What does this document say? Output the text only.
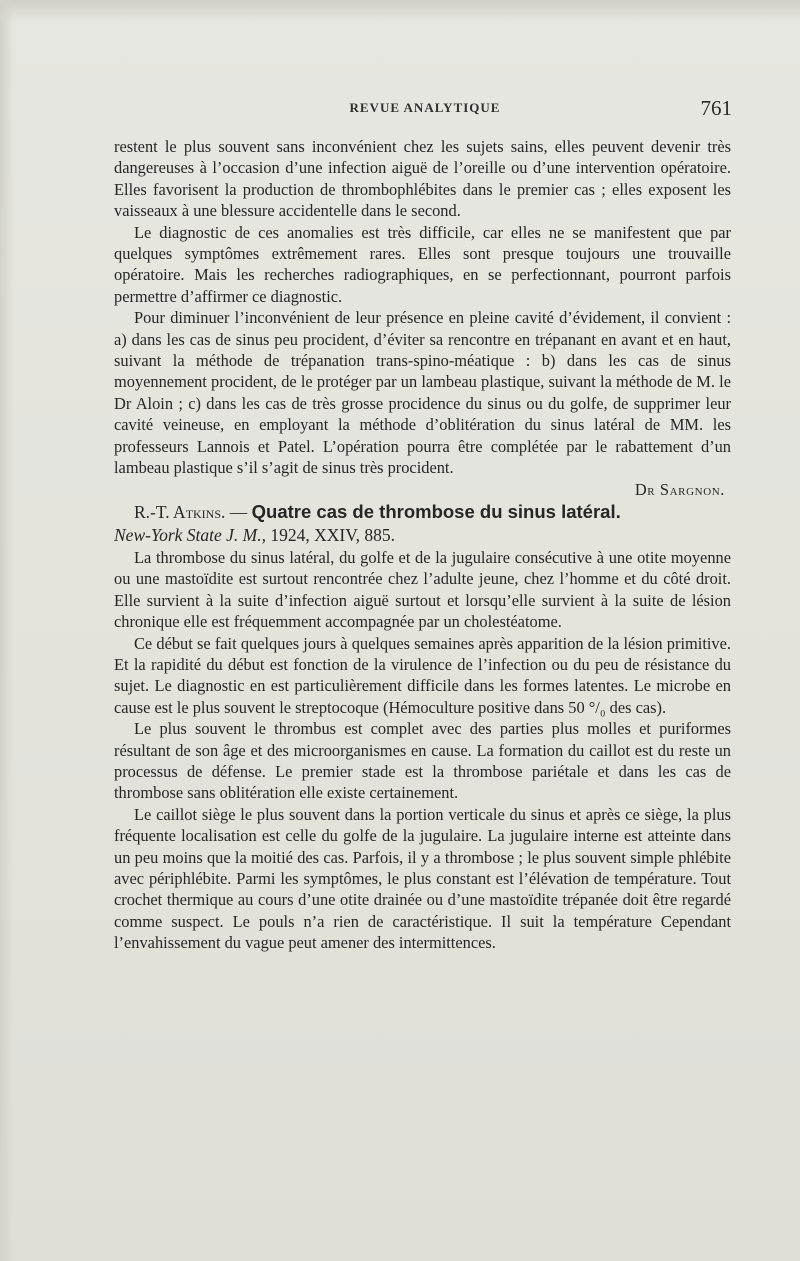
REVUE ANALYTIQUE	761

restent le plus souvent sans inconvénient chez les sujets sains, elles peuvent devenir très dangereuses à l’occasion d’une infection aiguë de l’oreille ou d’une intervention opératoire. Elles favorisent la production de thrombophlébites dans le premier cas ; elles exposent les vaisseaux à une blessure accidentelle dans le second.

Le diagnostic de ces anomalies est très difficile, car elles ne se manifestent que par quelques symptômes extrêmement rares. Elles sont presque toujours une trouvaille opératoire. Mais les recherches radiographiques, en se perfectionnant, pourront parfois permettre d’affirmer ce diagnostic.

Pour diminuer l’inconvénient de leur présence en pleine cavité d’évidement, il convient : a) dans les cas de sinus peu procident, d’éviter sa rencontre en trépanant en avant et en haut, suivant la méthode de trépanation trans-spino-méatique : b) dans les cas de sinus moyennement procident, de le protéger par un lambeau plastique, suivant la méthode de M. le Dr Aloin ; c) dans les cas de très grosse procidence du sinus ou du golfe, de supprimer leur cavité veineuse, en employant la méthode d’oblitération du sinus latéral de MM. les professeurs Lannois et Patel. L’opération pourra être complétée par le rabattement d’un lambeau plastique s’il s’agit de sinus très procident.

Dr Sargnon.

R.-T. Atkins. — Quatre cas de thrombose du sinus latéral.
New-York State J. M., 1924, XXIV, 885.

La thrombose du sinus latéral, du golfe et de la jugulaire consécutive à une otite moyenne ou une mastoïdite est surtout rencontrée chez l’adulte jeune, chez l’homme et du côté droit. Elle survient à la suite d’infection aiguë surtout et lorsqu’elle survient à la suite de lésion chronique elle est fréquemment accompagnée par un cholestéatome.

Ce début se fait quelques jours à quelques semaines après apparition de la lésion primitive. Et la rapidité du début est fonction de la virulence de l’infection ou du peu de résistance du sujet. Le diagnostic en est particulièrement difficile dans les formes latentes. Le microbe en cause est le plus souvent le streptocoque (Hémoculture positive dans 50 °/₀ des cas).

Le plus souvent le thrombus est complet avec des parties plus molles et puriformes résultant de son âge et des microorganismes en cause. La formation du caillot est du reste un processus de défense. Le premier stade est la thrombose pariétale et dans les cas de thrombose sans oblitération elle existe certainement.

Le caillot siège le plus souvent dans la portion verticale du sinus et après ce siège, la plus fréquente localisation est celle du golfe de la jugulaire. La jugulaire interne est atteinte dans un peu moins que la moitié des cas. Parfois, il y a thrombose ; le plus souvent simple phlébite avec périphlébite. Parmi les symptômes, le plus constant est l’élévation de température. Tout crochet thermique au cours d’une otite drainée ou d’une mastoïdite trépanée doit être regardé comme suspect. Le pouls n’a rien de caractéristique. Il suit la température Cependant l’envahissement du vague peut amener des intermittences.
